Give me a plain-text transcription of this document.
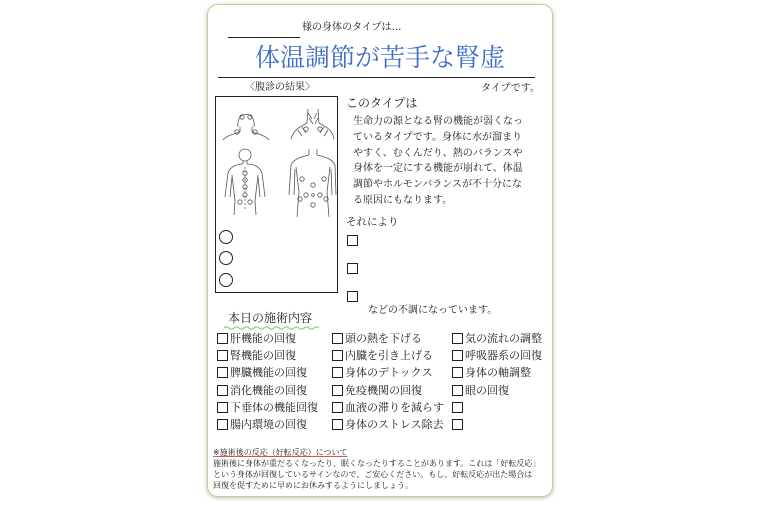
様の身体のタイプは…
体温調節が苦手な腎虚
〈腹診の結果〉	タイプです。
このタイプは
生命力の源となる腎の機能が弱くなっ
ているタイプです。身体に水が溜まり
やすく、むくんだり、熱のバランスや
身体を一定にする機能が崩れて、体温
調節やホルモンバランスが不十分にな
る原因にもなります。
それにより
などの不調になっています。
本日の施術内容
肝機能の回復
腎機能の回復
脾臓機能の回復
消化機能の回復
下垂体の機能回復
腸内環境の回復
頭の熱を下げる
内臓を引き上げる
身体のデトックス
免疫機関の回復
血液の滞りを減らす
身体のストレス除去
気の流れの調整
呼吸器系の回復
身体の軸調整
眼の回復
※施術後の反応（好転反応）について
施術後に身体が重だるくなったり、眠くなったりすることがあります。これは「好転反応」
という身体が回復しているサインなので、ご安心ください。もし、好転反応が出た場合は
回復を促すために早めにお休みするようにしましょう。
